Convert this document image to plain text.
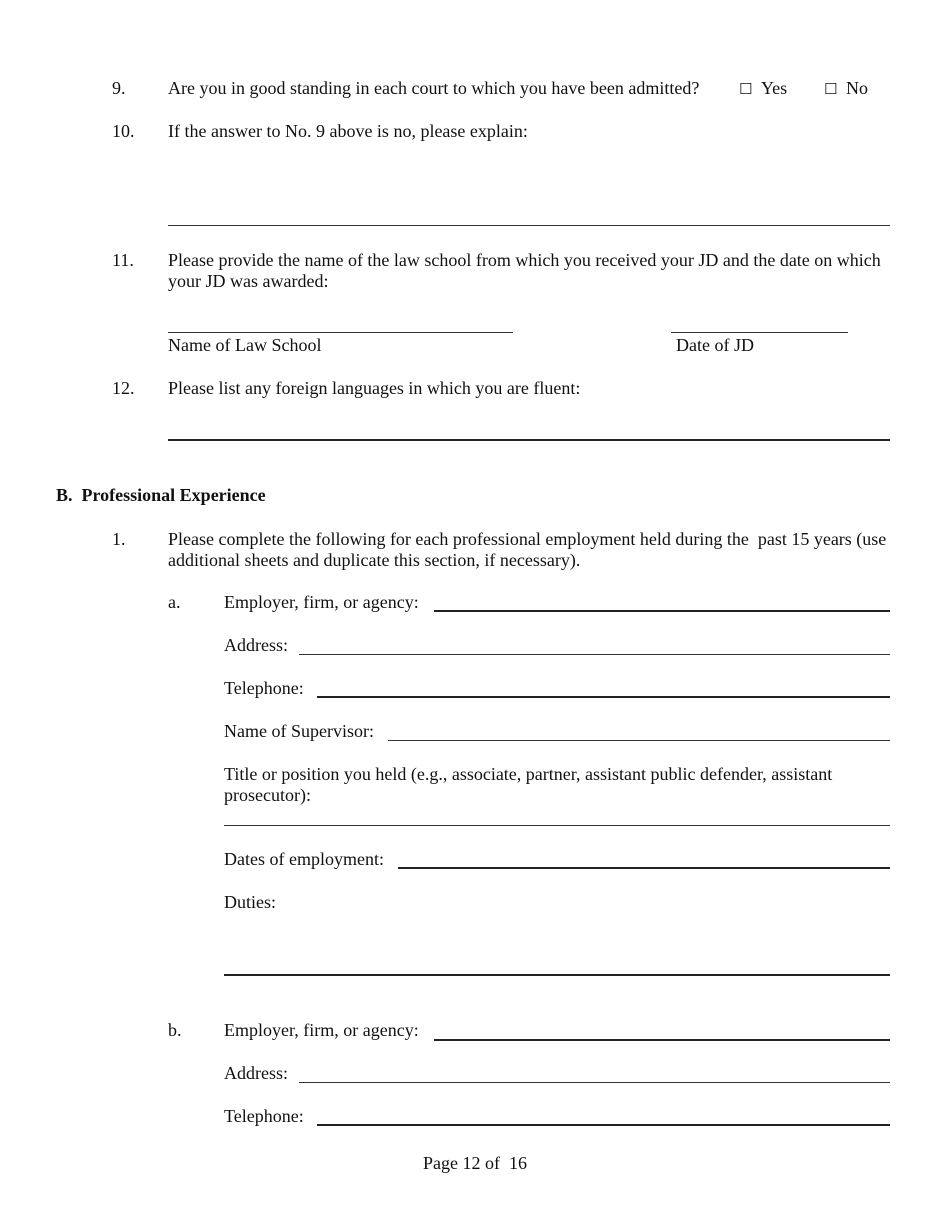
9. Are you in good standing in each court to which you have been admitted?	☐ Yes ☐ No
10. If the answer to No. 9 above is no, please explain:
11. Please provide the name of the law school from which you received your JD and the date on which your JD was awarded:
Name of Law School	Date of JD
12. Please list any foreign languages in which you are fluent:
B.  Professional Experience
1. Please complete the following for each professional employment held during the  past 15 years (use additional sheets and duplicate this section, if necessary).
a. Employer, firm, or agency:
Address:
Telephone:
Name of Supervisor:
Title or position you held (e.g., associate, partner, assistant public defender, assistant prosecutor):
Dates of employment:
Duties:
b. Employer, firm, or agency:
Address:
Telephone:
Page 12 of  16
